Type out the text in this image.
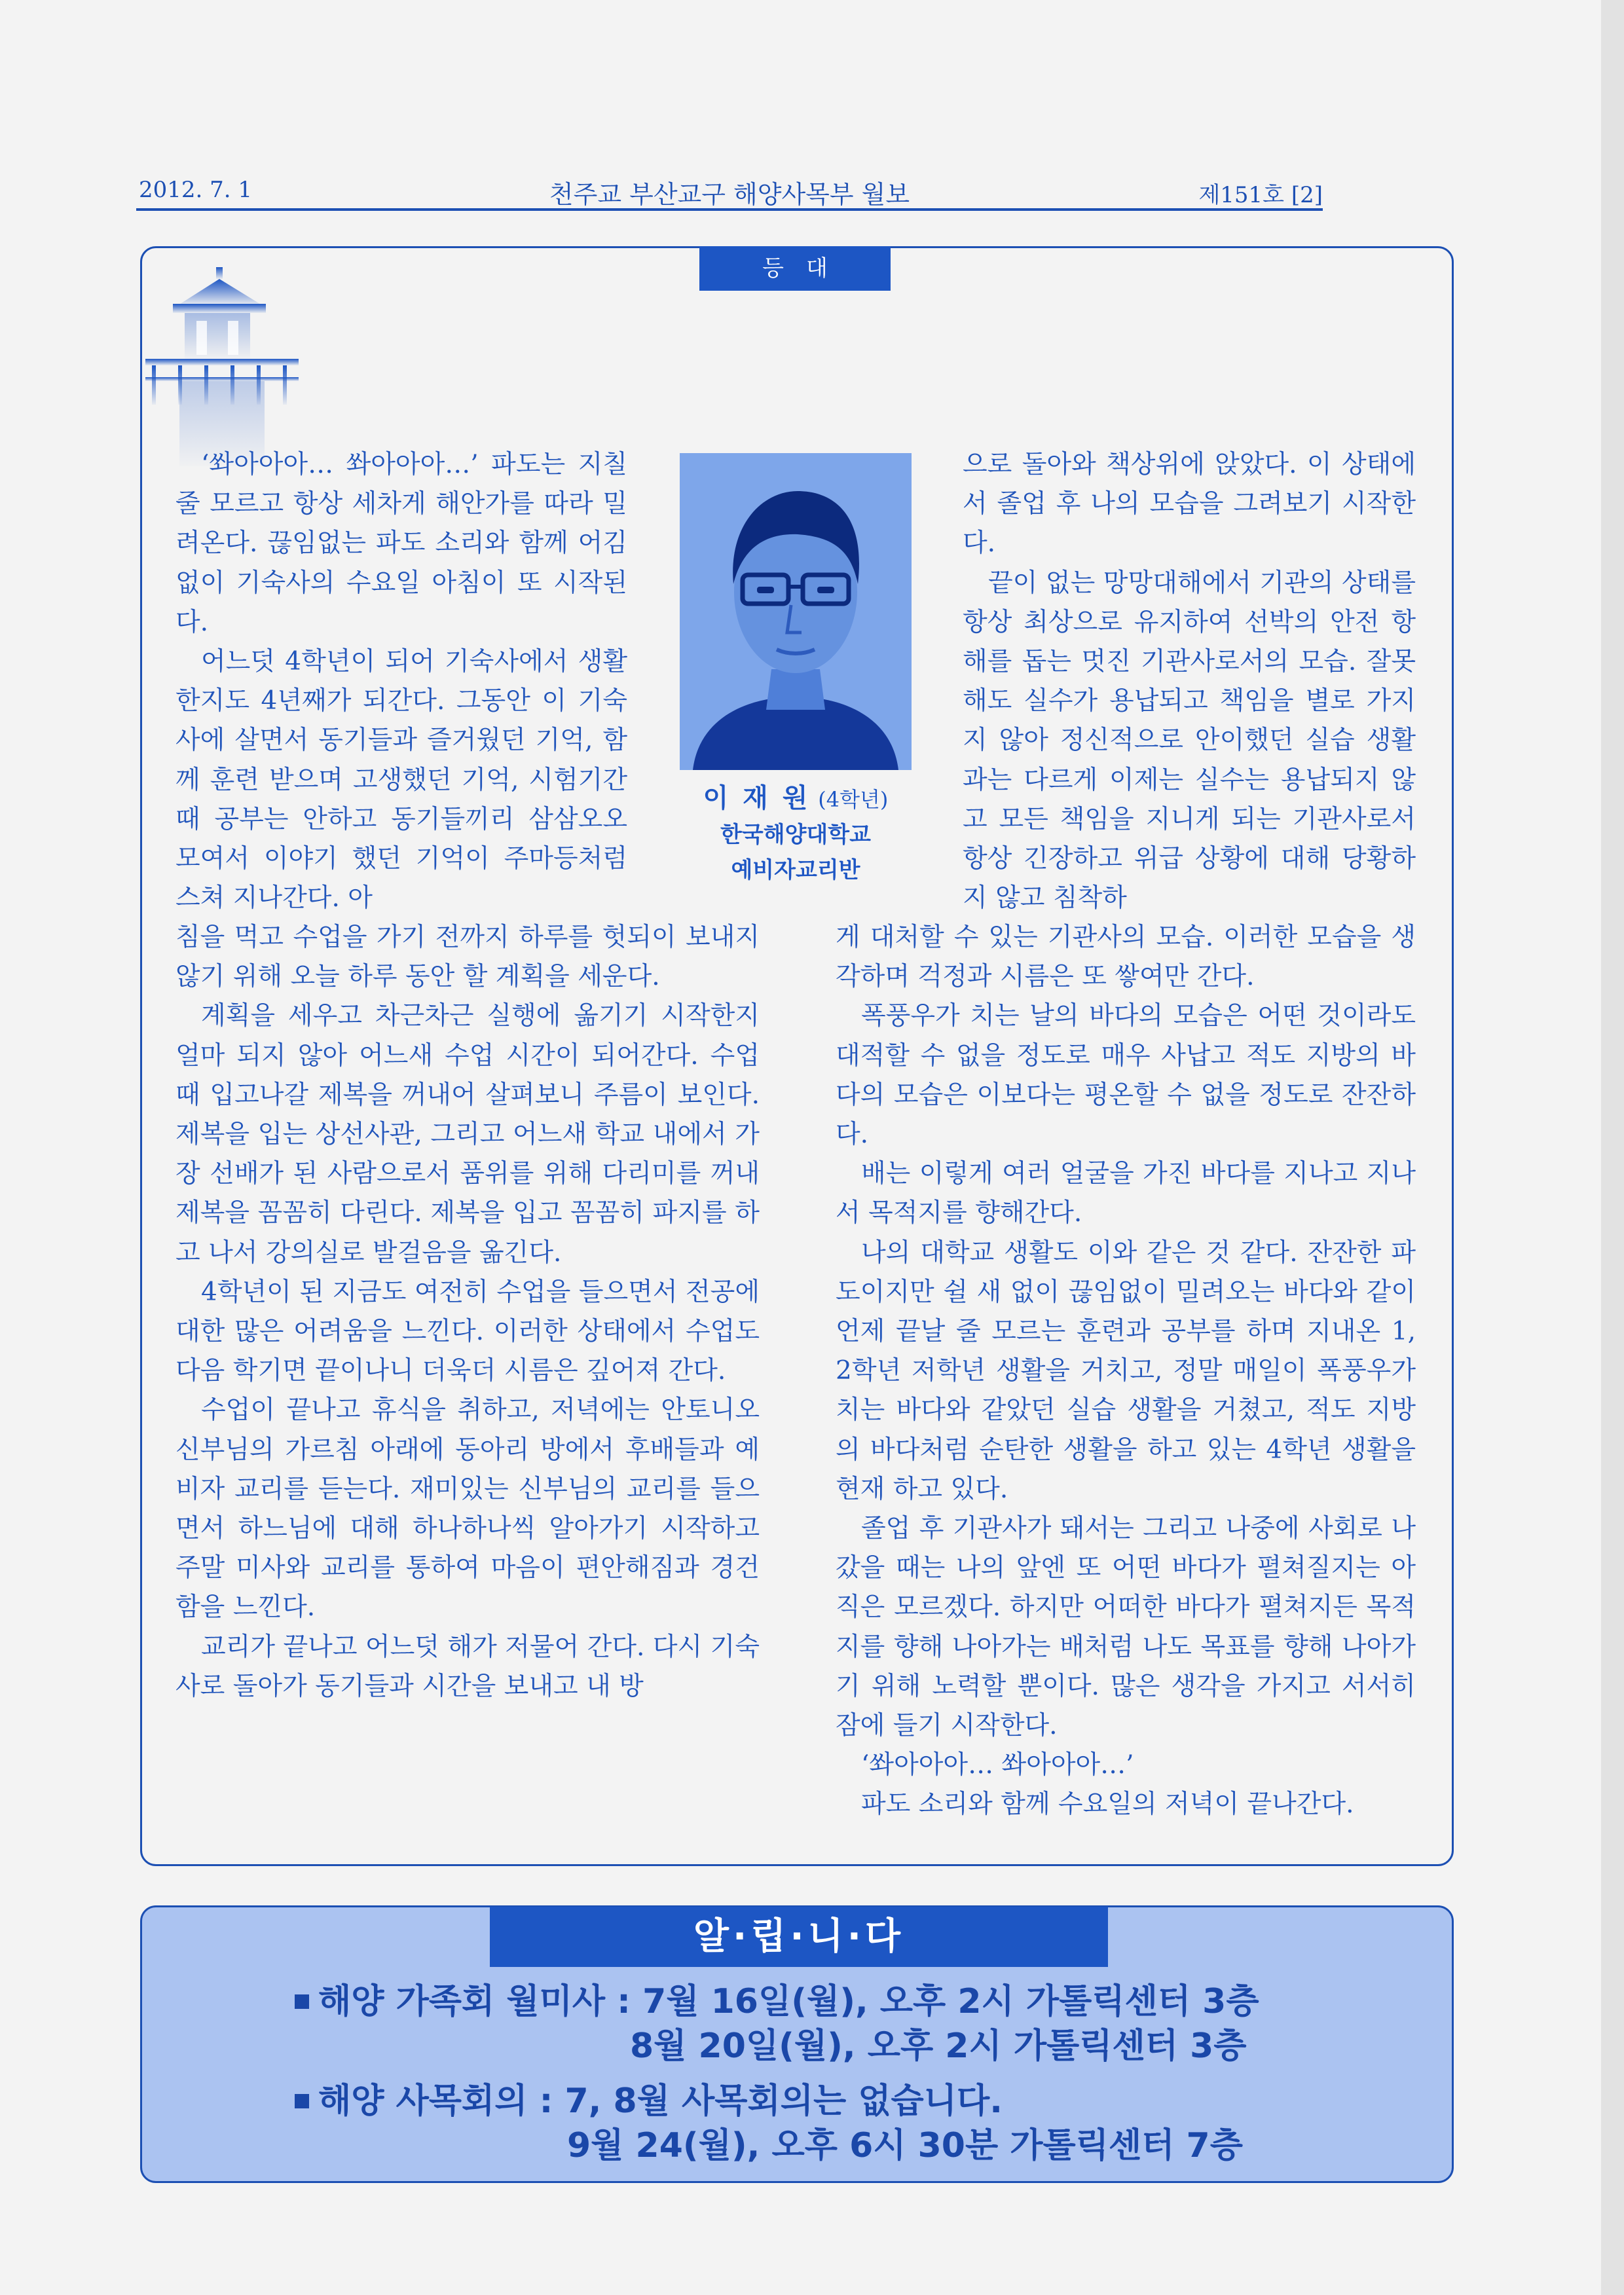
2012. 7. 1	천주교 부산교구 해양사목부 월보	제151호 [2]
등대
이 재 원 (4학년)
한국해양대학교
예비자교리반

‘쏴아아아… 쏴아아아…’ 파도는 지칠줄 모르고 항상 세차게 해안가를 따라 밀려온다. 끊임없는 파도 소리와 함께 어김없이 기숙사의 수요일 아침이 또 시작된다.

어느덧 4학년이 되어 기숙사에서 생활한지도 4년째가 되간다. 그동안 이 기숙사에 살면서 동기들과 즐거웠던 기억, 함께 훈련 받으며 고생했던 기억, 시험기간 때 공부는 안하고 동기들끼리 삼삼오오 모여서 이야기 했던 기억이 주마등처럼 스쳐 지나간다. 아

침을 먹고 수업을 가기 전까지 하루를 헛되이 보내지 않기 위해 오늘 하루 동안 할 계획을 세운다.

계획을 세우고 차근차근 실행에 옮기기 시작한지 얼마 되지 않아 어느새 수업 시간이 되어간다. 수업 때 입고나갈 제복을 꺼내어 살펴보니 주름이 보인다. 제복을 입는 상선사관, 그리고 어느새 학교 내에서 가장 선배가 된 사람으로서 품위를 위해 다리미를 꺼내 제복을 꼼꼼히 다린다. 제복을 입고 꼼꼼히 파지를 하고 나서 강의실로 발걸음을 옮긴다.

4학년이 된 지금도 여전히 수업을 들으면서 전공에 대한 많은 어려움을 느낀다. 이러한 상태에서 수업도 다음 학기면 끝이나니 더욱더 시름은 깊어져 간다.

수업이 끝나고 휴식을 취하고, 저녁에는 안토니오 신부님의 가르침 아래에 동아리 방에서 후배들과 예비자 교리를 듣는다. 재미있는 신부님의 교리를 들으면서 하느님에 대해 하나하나씩 알아가기 시작하고 주말 미사와 교리를 통하여 마음이 편안해짐과 경건함을 느낀다.

교리가 끝나고 어느덧 해가 저물어 간다. 다시 기숙사로 돌아가 동기들과 시간을 보내고 내 방

으로 돌아와 책상위에 앉았다. 이 상태에서 졸업 후 나의 모습을 그려보기 시작한다.

끝이 없는 망망대해에서 기관의 상태를 항상 최상으로 유지하여 선박의 안전 항해를 돕는 멋진 기관사로서의 모습. 잘못해도 실수가 용납되고 책임을 별로 가지지 않아 정신적으로 안이했던 실습 생활과는 다르게 이제는 실수는 용납되지 않고 모든 책임을 지니게 되는 기관사로서 항상 긴장하고 위급 상황에 대해 당황하지 않고 침착하

게 대처할 수 있는 기관사의 모습. 이러한 모습을 생각하며 걱정과 시름은 또 쌓여만 간다.

폭풍우가 치는 날의 바다의 모습은 어떤 것이라도 대적할 수 없을 정도로 매우 사납고 적도 지방의 바다의 모습은 이보다는 평온할 수 없을 정도로 잔잔하다.

배는 이렇게 여러 얼굴을 가진 바다를 지나고 지나서 목적지를 향해간다.

나의 대학교 생활도 이와 같은 것 같다. 잔잔한 파도이지만 쉴 새 없이 끊임없이 밀려오는 바다와 같이 언제 끝날 줄 모르는 훈련과 공부를 하며 지내온 1, 2학년 저학년 생활을 거치고, 정말 매일이 폭풍우가 치는 바다와 같았던 실습 생활을 거쳤고, 적도 지방의 바다처럼 순탄한 생활을 하고 있는 4학년 생활을 현재 하고 있다.

졸업 후 기관사가 돼서는 그리고 나중에 사회로 나갔을 때는 나의 앞엔 또 어떤 바다가 펼쳐질지는 아직은 모르겠다. 하지만 어떠한 바다가 펼쳐지든 목적지를 향해 나아가는 배처럼 나도 목표를 향해 나아가기 위해 노력할 뿐이다. 많은 생각을 가지고 서서히 잠에 들기 시작한다.

‘쏴아아아… 쏴아아아…’

파도 소리와 함께 수요일의 저녁이 끝나간다.

알·립·니·다
해양 가족회 월미사 : 7월 16일(월), 오후 2시 가톨릭센터 3층
8월 20일(월), 오후 2시 가톨릭센터 3층
해양 사목회의 : 7, 8월 사목회의는 없습니다.
9월 24(월), 오후 6시 30분 가톨릭센터 7층
